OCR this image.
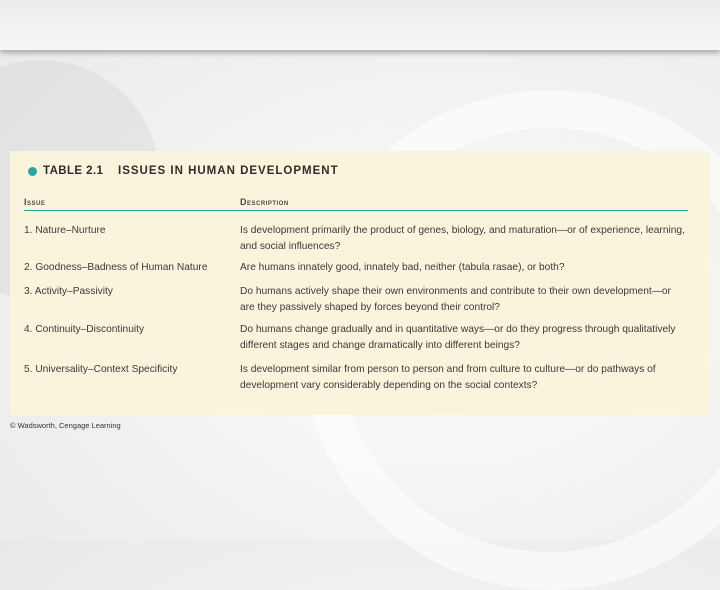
TABLE 2.1	ISSUES IN HUMAN DEVELOPMENT
Issue	Description
1. Nature–Nurture	Is development primarily the product of genes, biology, and maturation—or of experience, learning, and social influences?
2. Goodness–Badness of Human Nature	Are humans innately good, innately bad, neither (tabula rasae), or both?
3. Activity–Passivity	Do humans actively shape their own environments and contribute to their own development—or are they passively shaped by forces beyond their control?
4. Continuity–Discontinuity	Do humans change gradually and in quantitative ways—or do they progress through qualitatively different stages and change dramatically into different beings?
5. Universality–Context Specificity	Is development similar from person to person and from culture to culture—or do pathways of development vary considerably depending on the social contexts?
© Wadsworth, Cengage Learning
